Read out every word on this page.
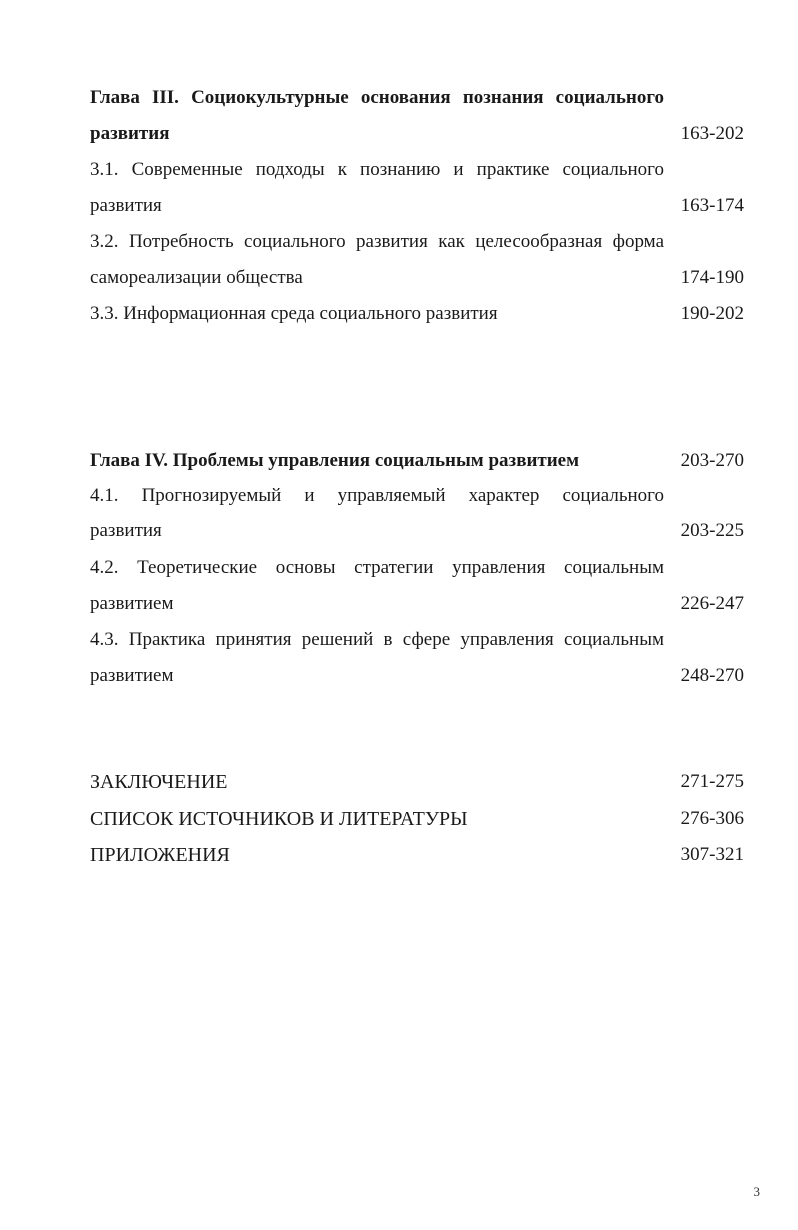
Глава III. Социокультурные основания познания социального
развития	163-202
3.1. Современные подходы к познанию и практике социального
развития	163-174
3.2. Потребность социального развития как целесообразная форма
самореализации общества	174-190
3.3. Информационная среда социального развития	190-202
Глава IV. Проблемы управления социальным развитием	203-270
4.1. Прогнозируемый и управляемый характер социального
развития	203-225
4.2. Теоретические основы стратегии управления социальным
развитием	226-247
4.3. Практика принятия решений в сфере управления социальным
развитием	248-270
ЗАКЛЮЧЕНИЕ	271-275
СПИСОК ИСТОЧНИКОВ И ЛИТЕРАТУРЫ	276-306
ПРИЛОЖЕНИЯ	307-321
3
